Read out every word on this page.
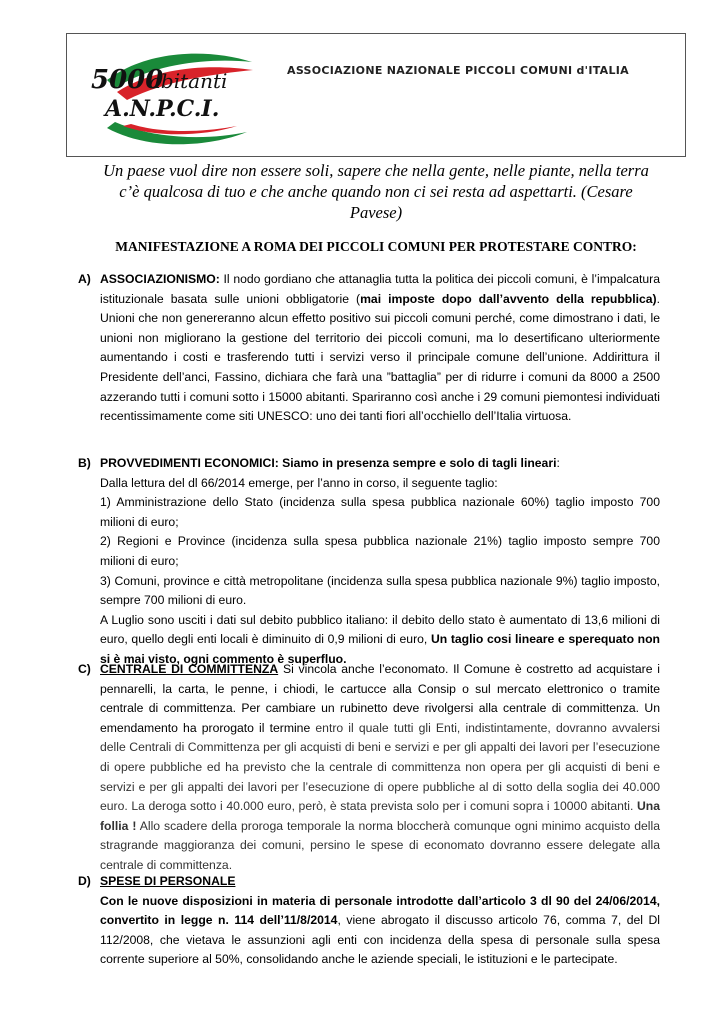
5000
abitanti
A.N.P.C.I.
ASSOCIAZIONE NAZIONALE PICCOLI COMUNI d'ITALIA
Un paese vuol dire non essere soli, sapere che nella gente, nelle piante, nella terra
c’è qualcosa di tuo e che anche quando non ci sei resta ad aspettarti. (Cesare
Pavese)
MANIFESTAZIONE A ROMA DEI PICCOLI COMUNI PER PROTESTARE CONTRO:
A) ASSOCIAZIONISMO: Il nodo gordiano che attanaglia tutta la politica dei piccoli comuni, è l’impalcatura istituzionale basata sulle unioni obbligatorie (mai imposte dopo dall’avvento della repubblica). Unioni che non genereranno alcun effetto positivo sui piccoli comuni perché, come dimostrano i dati, le unioni non migliorano la gestione del territorio dei piccoli comuni, ma lo desertificano ulteriormente aumentando i costi e trasferendo tutti i servizi verso il principale comune dell’unione. Addirittura il Presidente dell’anci, Fassino, dichiara che farà una ”battaglia” per di ridurre i comuni da 8000 a 2500 azzerando tutti i comuni sotto i 15000 abitanti. Spariranno così anche i 29 comuni piemontesi individuati recentissimamente come siti UNESCO: uno dei tanti fiori all’occhiello dell’Italia virtuosa.
B) PROVVEDIMENTI ECONOMICI: Siamo in presenza sempre e solo di tagli lineari:
Dalla lettura del dl 66/2014 emerge, per l’anno in corso, il seguente taglio:
1) Amministrazione dello Stato (incidenza sulla spesa pubblica nazionale 60%) taglio imposto 700 milioni di euro;
2) Regioni e Province (incidenza sulla spesa pubblica nazionale 21%) taglio imposto sempre 700 milioni di euro;
3) Comuni, province e città metropolitane (incidenza sulla spesa pubblica nazionale 9%) taglio imposto, sempre 700 milioni di euro.
A Luglio sono usciti i dati sul debito pubblico italiano: il debito dello stato è aumentato di 13,6 milioni di euro, quello degli enti locali è diminuito di 0,9 milioni di euro, Un taglio cosi lineare e sperequato non si è mai visto, ogni commento è superfluo.
C) CENTRALE DI COMMITTENZA Si vincola anche l’economato. Il Comune è costretto ad acquistare i pennarelli, la carta, le penne, i chiodi, le cartucce alla Consip o sul mercato elettronico o tramite centrale di committenza. Per cambiare un rubinetto deve rivolgersi alla centrale di committenza. Un emendamento ha prorogato il termine entro il quale tutti gli Enti, indistintamente, dovranno avvalersi delle Centrali di Committenza per gli acquisti di beni e servizi e per gli appalti dei lavori per l’esecuzione di opere pubbliche ed ha previsto che la centrale di committenza non opera per gli acquisti di beni e servizi e per gli appalti dei lavori per l’esecuzione di opere pubbliche al di sotto della soglia dei 40.000 euro. La deroga sotto i 40.000 euro, però, è stata prevista solo per i comuni sopra i 10000 abitanti. Una follia ! Allo scadere della proroga temporale la norma bloccherà comunque ogni minimo acquisto della stragrande maggioranza dei comuni, persino le spese di economato dovranno essere delegate alla centrale di committenza.
D) SPESE DI PERSONALE
Con le nuove disposizioni in materia di personale introdotte dall’articolo 3 dl 90 del 24/06/2014, convertito in legge n. 114 dell’11/8/2014, viene abrogato il discusso articolo 76, comma 7, del Dl 112/2008, che vietava le assunzioni agli enti con incidenza della spesa di personale sulla spesa corrente superiore al 50%, consolidando anche le aziende speciali, le istituzioni e le partecipate.
